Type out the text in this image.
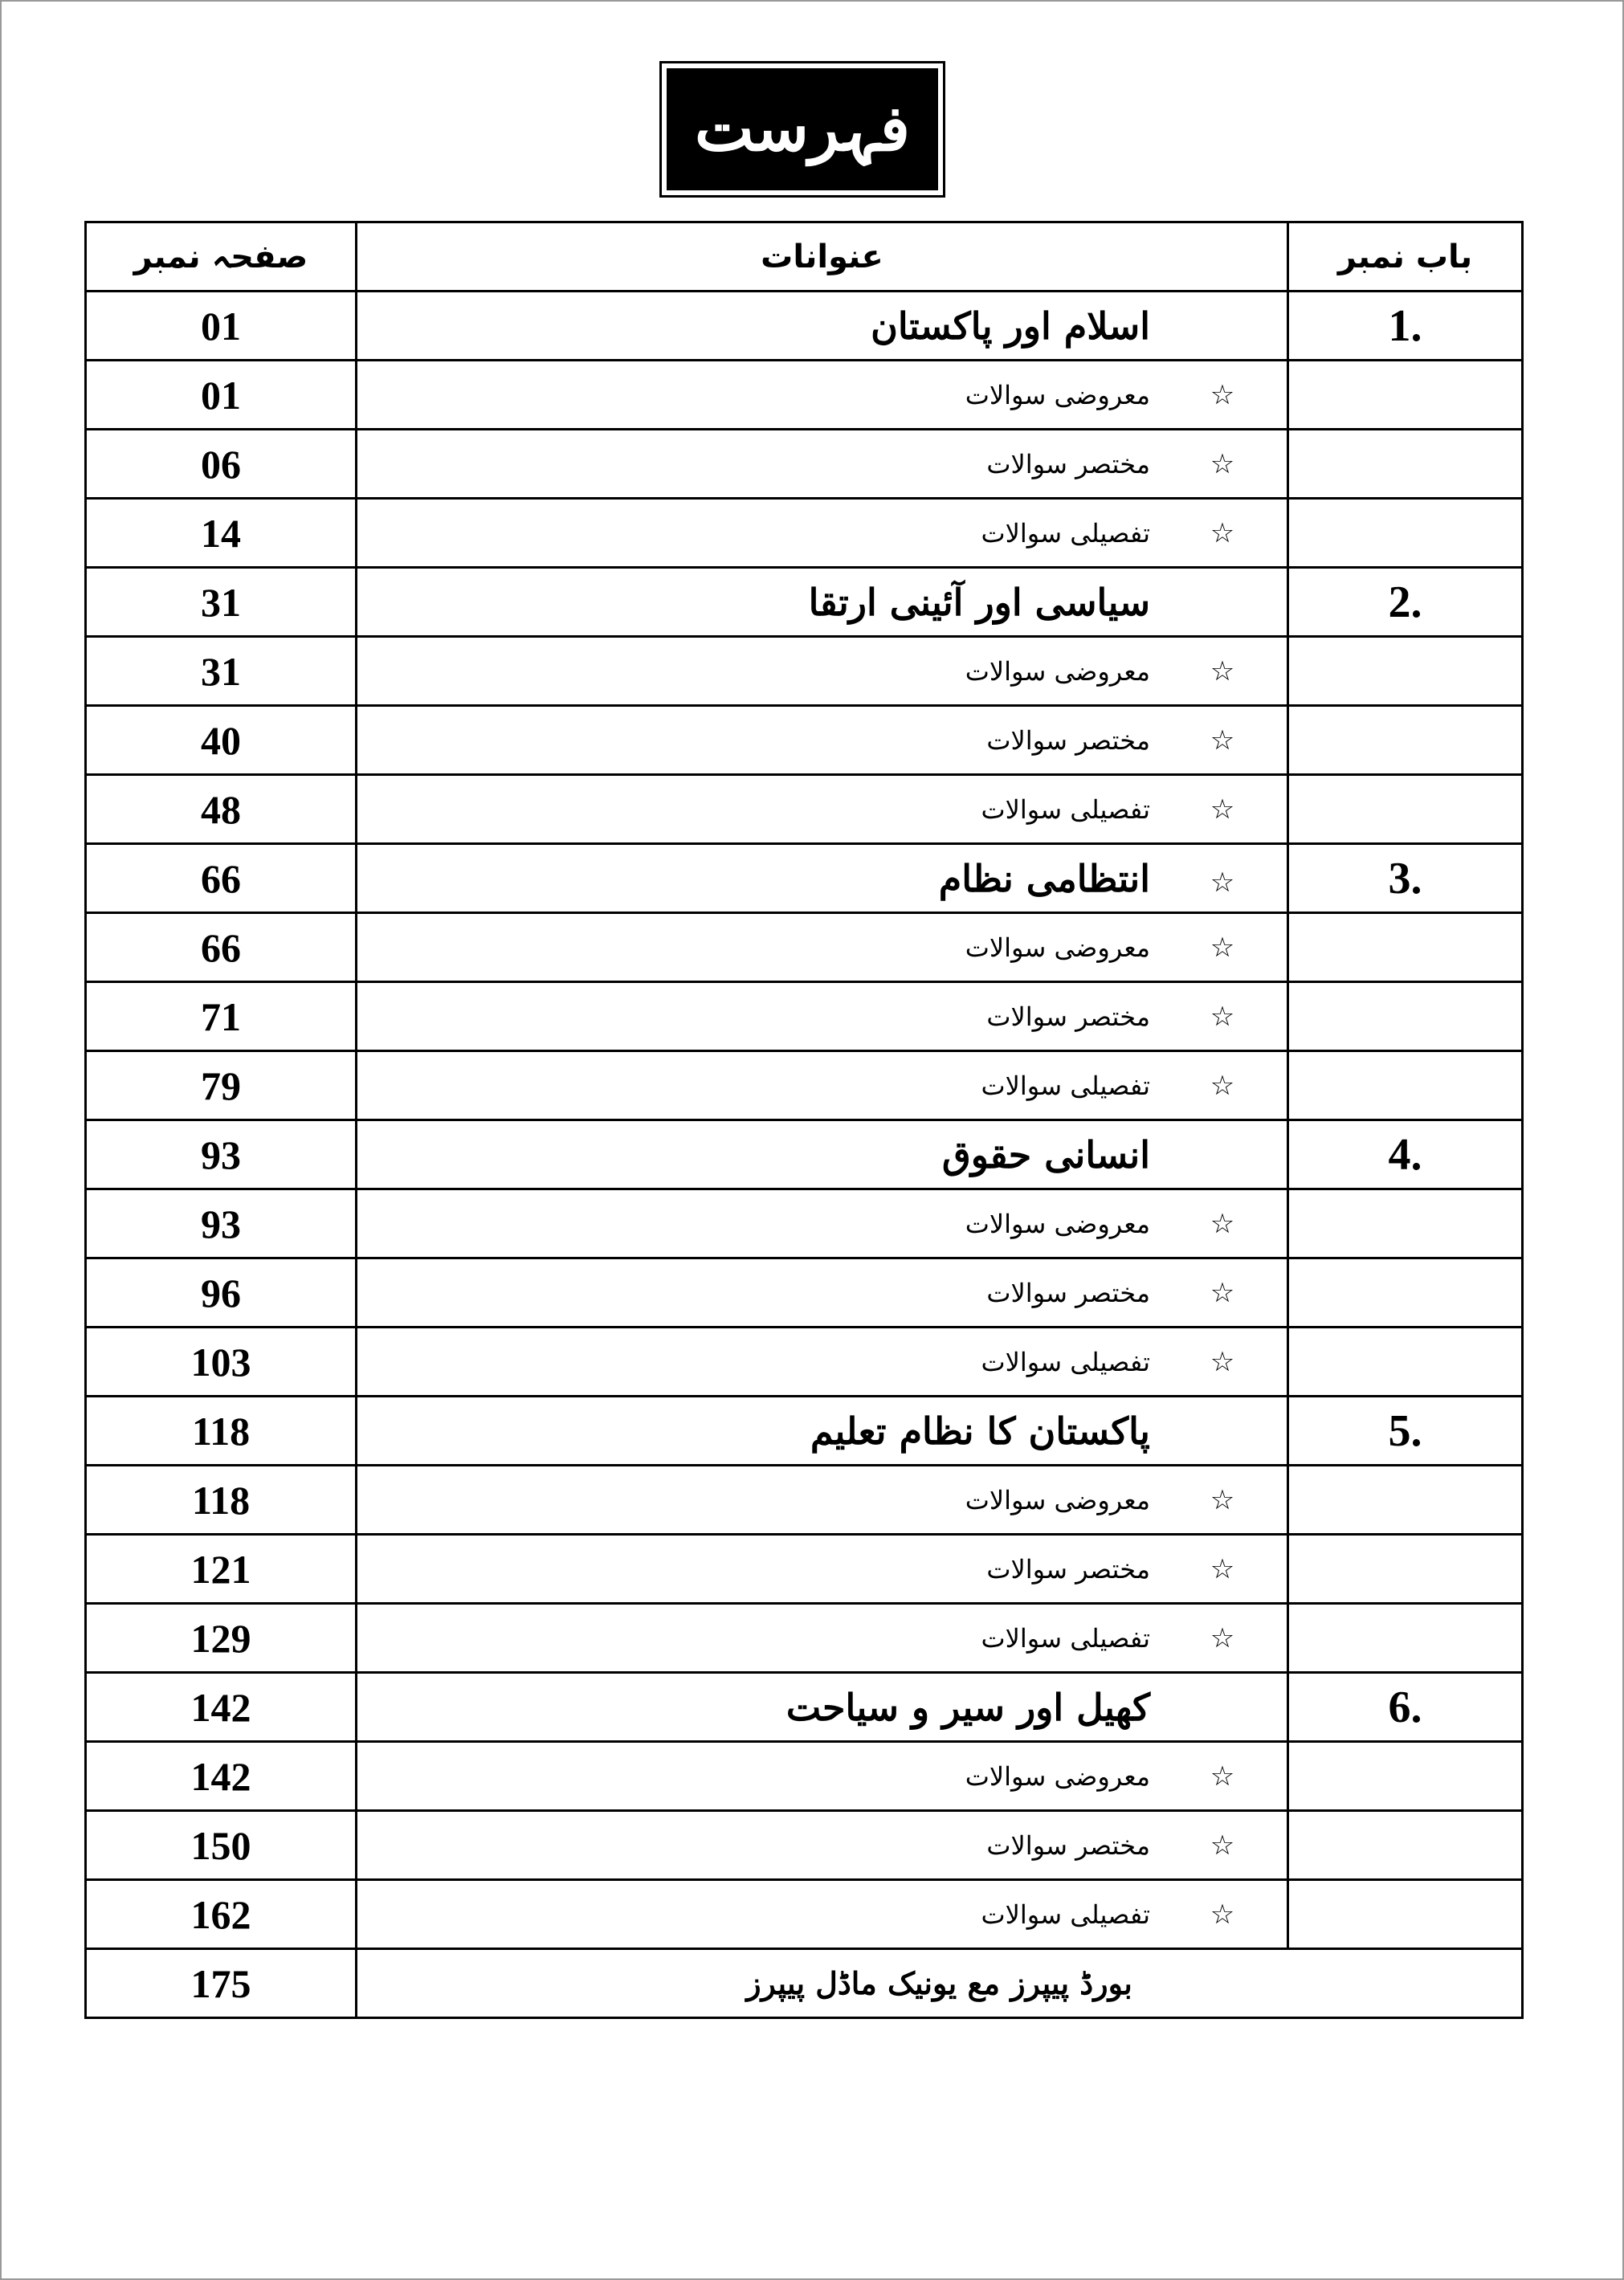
فہرست
صفحہ نمبر	عنوانات	باب نمبر
01	اسلام اور پاکستان	1.
01	☆معروضی سوالات	
06	☆مختصر سوالات	
14	☆تفصیلی سوالات	
31	سیاسی اور آئینی ارتقا	2.
31	☆معروضی سوالات	
40	☆مختصر سوالات	
48	☆تفصیلی سوالات	
66	☆انتظامی نظام	3.
66	☆معروضی سوالات	
71	☆مختصر سوالات	
79	☆تفصیلی سوالات	
93	انسانی حقوق	4.
93	☆معروضی سوالات	
96	☆مختصر سوالات	
103	☆تفصیلی سوالات	
118	پاکستان کا نظام تعلیم	5.
118	☆معروضی سوالات	
121	☆مختصر سوالات	
129	☆تفصیلی سوالات	
142	کھیل اور سیر و سیاحت	6.
142	☆معروضی سوالات	
150	☆مختصر سوالات	
162	☆تفصیلی سوالات	
175	بورڈ پیپرز مع یونیک ماڈل پیپرز	
